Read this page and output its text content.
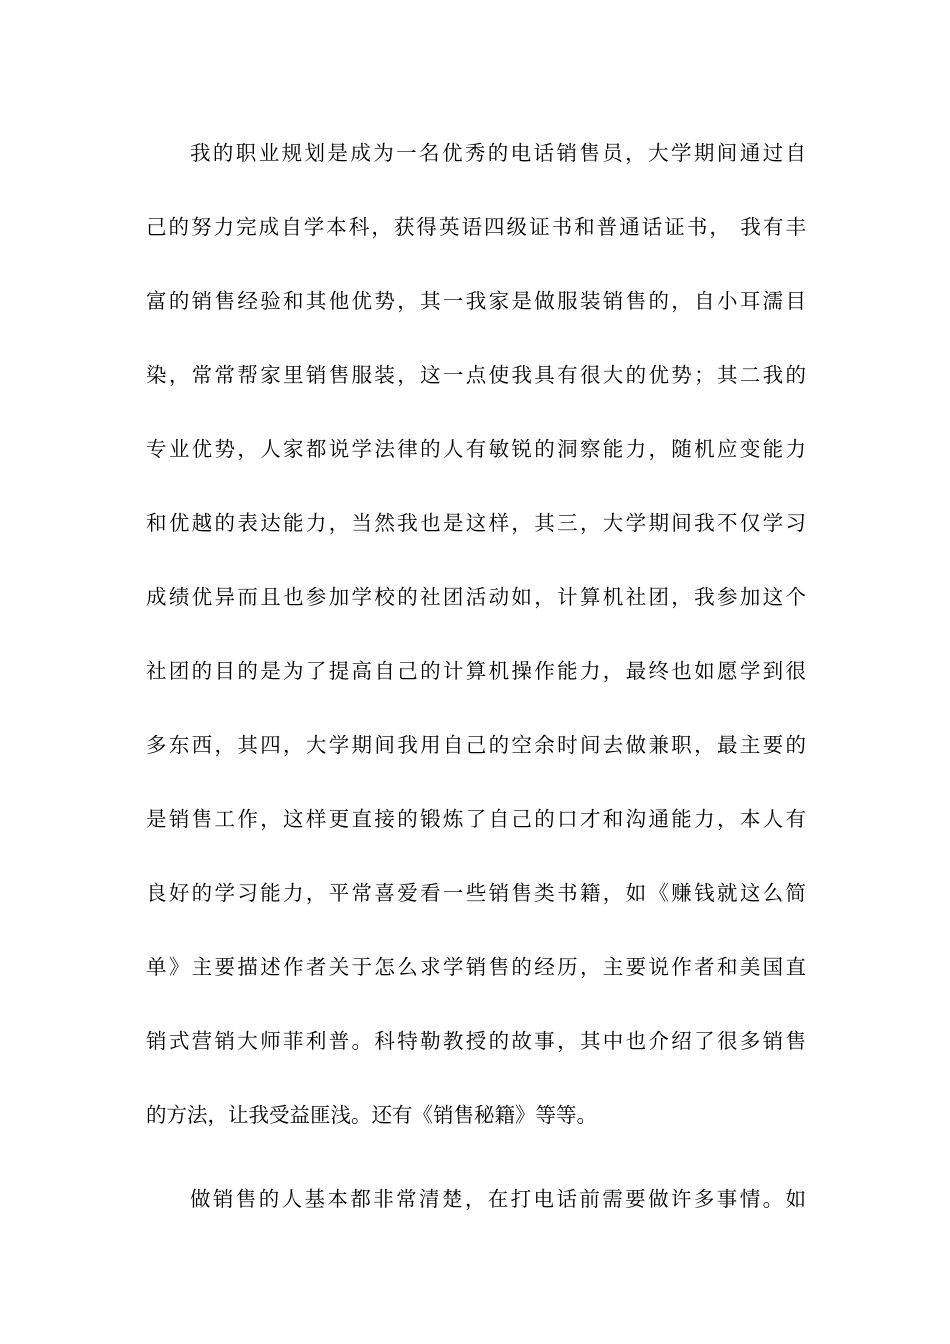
我的职业规划是成为一名优秀的电话销售员，大学期间通过自
己的努力完成自学本科，获得英语四级证书和普通话证书， 我有丰
富的销售经验和其他优势，其一我家是做服装销售的，自小耳濡目
染，常常帮家里销售服装，这一点使我具有很大的优势；其二我的
专业优势，人家都说学法律的人有敏锐的洞察能力，随机应变能力
和优越的表达能力，当然我也是这样，其三，大学期间我不仅学习
成绩优异而且也参加学校的社团活动如，计算机社团，我参加这个
社团的目的是为了提高自己的计算机操作能力，最终也如愿学到很
多东西，其四，大学期间我用自己的空余时间去做兼职，最主要的
是销售工作，这样更直接的锻炼了自己的口才和沟通能力，本人有
良好的学习能力，平常喜爱看一些销售类书籍，如《赚钱就这么简
单》主要描述作者关于怎么求学销售的经历，主要说作者和美国直
销式营销大师菲利普。科特勒教授的故事，其中也介绍了很多销售
的方法，让我受益匪浅。还有《销售秘籍》等等。
做销售的人基本都非常清楚，在打电话前需要做许多事情。如
